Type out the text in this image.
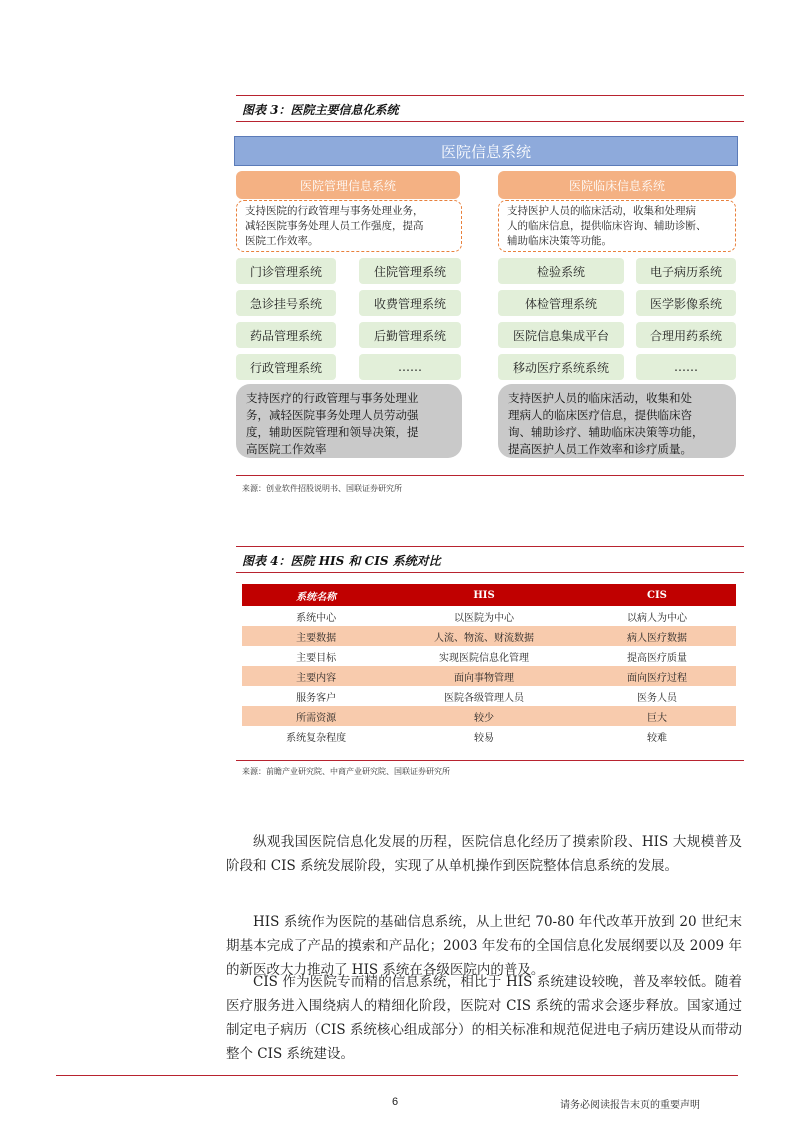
图表 3：医院主要信息化系统
医院信息系统
医院管理信息系统
支持医院的行政管理与事务处理业务，
减轻医院事务处理人员工作强度，提高
医院工作效率。
门诊管理系统	住院管理系统
急诊挂号系统	收费管理系统
药品管理系统	后勤管理系统
行政管理系统	……
支持医疗的行政管理与事务处理业
务，减轻医院事务处理人员劳动强
度，辅助医院管理和领导决策，提
高医院工作效率
医院临床信息系统
支持医护人员的临床活动，收集和处理病
人的临床信息，提供临床咨询、辅助诊断、
辅助临床决策等功能。
检验系统	电子病历系统
体检管理系统	医学影像系统
医院信息集成平台	合理用药系统
移动医疗系统系统	……
支持医护人员的临床活动，收集和处
理病人的临床医疗信息，提供临床咨
询、辅助诊疗、辅助临床决策等功能，
提高医护人员工作效率和诊疗质量。
来源：创业软件招股说明书、国联证券研究所
图表 4：医院 HIS 和 CIS 系统对比
系统名称	HIS	CIS
系统中心	以医院为中心	以病人为中心
主要数据	人流、物流、财流数据	病人医疗数据
主要目标	实现医院信息化管理	提高医疗质量
主要内容	面向事物管理	面向医疗过程
服务客户	医院各级管理人员	医务人员
所需资源	较少	巨大
系统复杂程度	较易	较难
来源：前瞻产业研究院、中商产业研究院、国联证券研究所
纵观我国医院信息化发展的历程，医院信息化经历了摸索阶段、HIS 大规模普及阶段和 CIS 系统发展阶段，实现了从单机操作到医院整体信息系统的发展。
HIS 系统作为医院的基础信息系统，从上世纪 70-80 年代改革开放到 20 世纪末期基本完成了产品的摸索和产品化；2003 年发布的全国信息化发展纲要以及 2009 年的新医改大力推动了 HIS 系统在各级医院内的普及。
CIS 作为医院专而精的信息系统，相比于 HIS 系统建设较晚，普及率较低。随着医疗服务进入围绕病人的精细化阶段，医院对 CIS 系统的需求会逐步释放。国家通过制定电子病历（CIS 系统核心组成部分）的相关标准和规范促进电子病历建设从而带动整个 CIS 系统建设。
6	请务必阅读报告末页的重要声明
